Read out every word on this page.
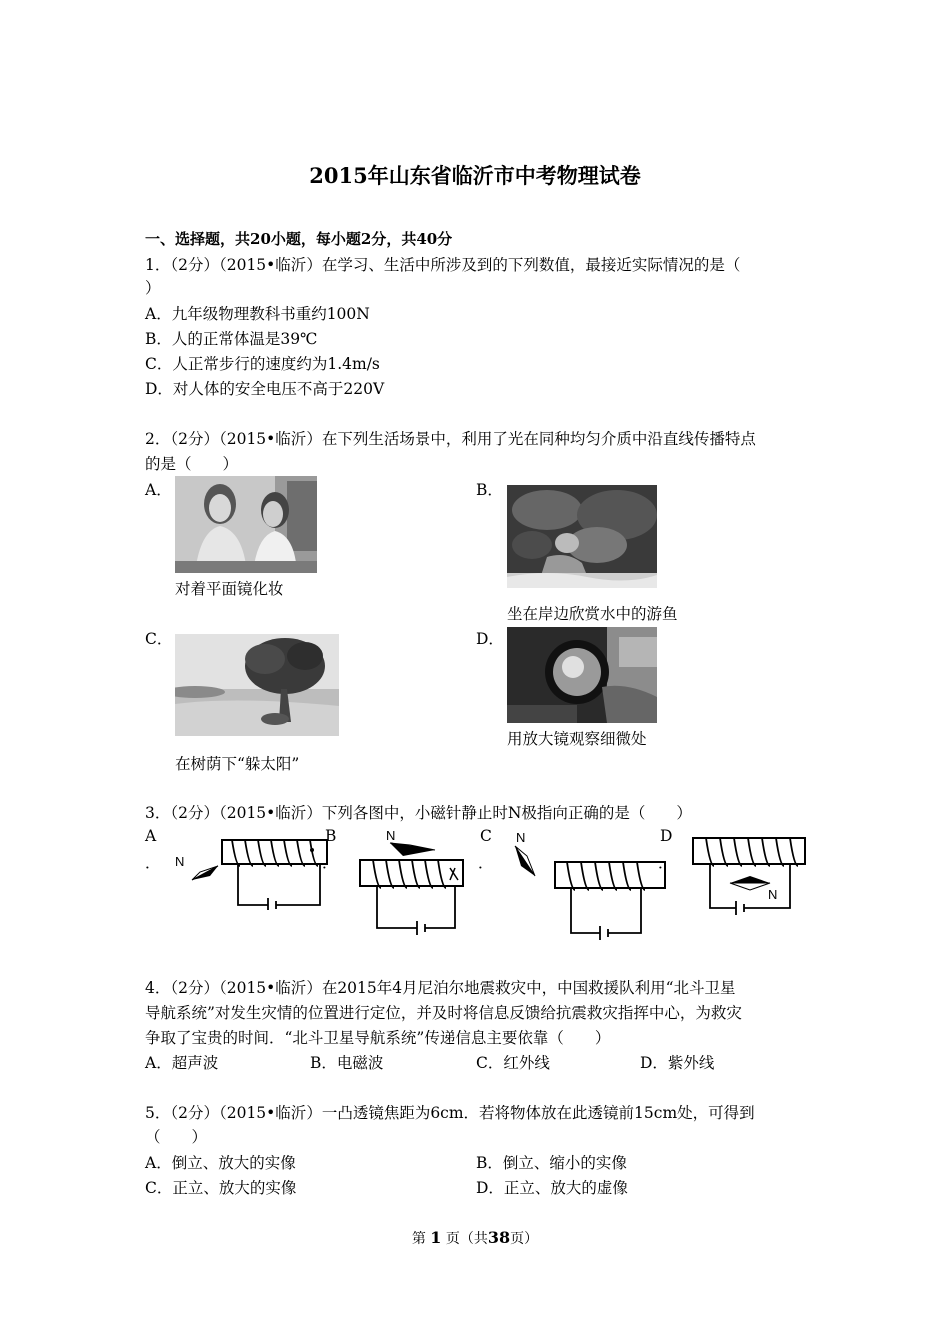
2015年山东省临沂市中考物理试卷
一、选择题，共20小题，每小题2分，共40分
1．（2分）（2015•临沂）在学习、生活中所涉及到的下列数值，最接近实际情况的是（
）
A．九年级物理教科书重约100N
B．人的正常体温是39℃
C．人正常步行的速度约为1.4m/s
D．对人体的安全电压不高于220V
2．（2分）（2015•临沂）在下列生活场景中，利用了光在同种均匀介质中沿直线传播特点
的是（　　）
A．
对着平面镜化妆
B．
坐在岸边欣赏水中的游鱼
C．
在树荫下“躲太阳”
D．
用放大镜观察细微处
3．（2分）（2015•临沂）下列各图中，小磁针静止时N极指向正确的是（　　）
A
．
B
．
C
．
D
．
N
N	N
N
4．（2分）（2015•临沂）在2015年4月尼泊尔地震救灾中，中国救援队利用“北斗卫星
导航系统”对发生灾情的位置进行定位，并及时将信息反馈给抗震救灾指挥中心，为救灾
争取了宝贵的时间．“北斗卫星导航系统”传递信息主要依靠（　　）
A．超声波	B．电磁波	C．红外线	D．紫外线
5．（2分）（2015•临沂）一凸透镜焦距为6cm．若将物体放在此透镜前15cm处，可得到
（　　）
A．倒立、放大的实像	B．倒立、缩小的实像
C．正立、放大的实像	D．正立、放大的虚像
第 1 页（共38页）
